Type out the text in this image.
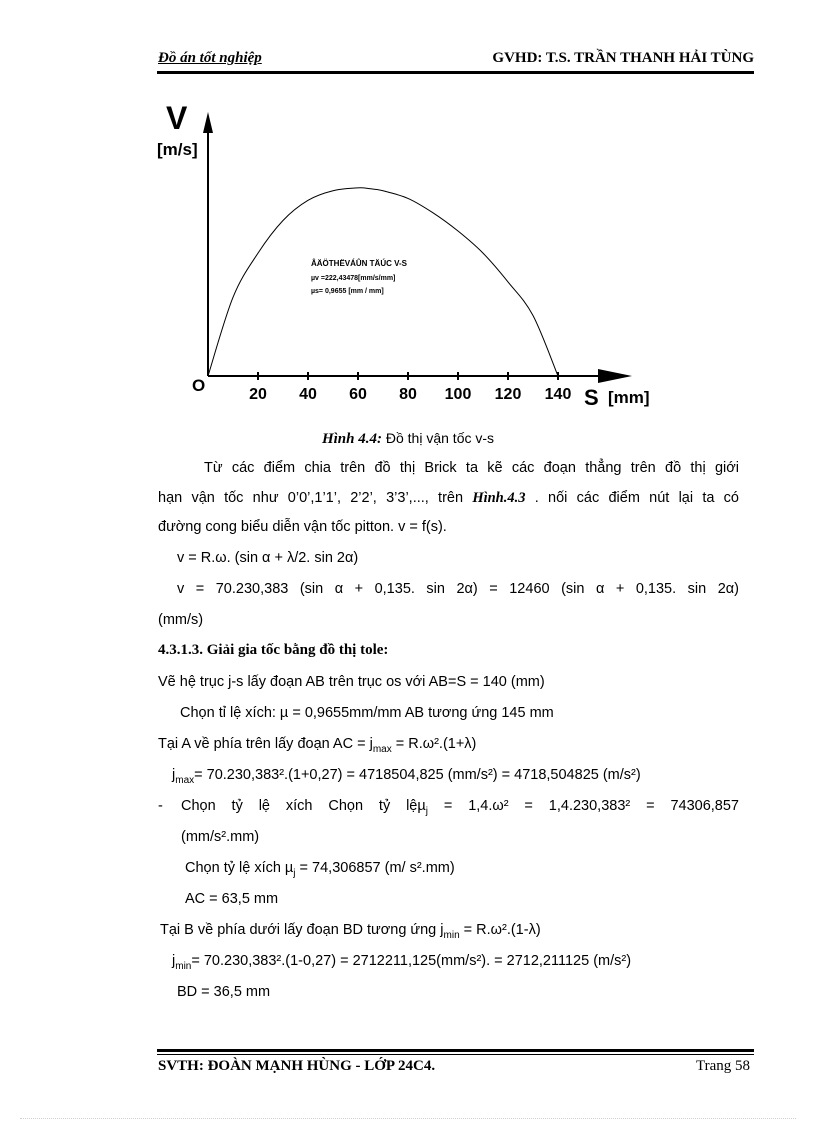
Đồ án tốt nghiệp	GVHD: T.S. TRẦN THANH HẢI TÙNG
20 40 60 80 100 120 140
V
[m/s]
O	S [mm]
ÂÄÖTHËVÁÛN TÄÚC V-S
µv =222,43478[mm/s/mm]
µs= 0,9655 [mm / mm]
Hình 4.4: Đồ thị vận tốc v-s
Từ các điểm chia trên đồ thị Brick ta kẽ các đoạn thẳng trên đồ thị giới
hạn vận tốc như 0’0’,1’1’, 2’2’, 3’3’,..., trên Hình.4.3 . nối các điểm nút lại ta có
đường cong biểu diễn vận tốc pitton. v = f(s).
v = R.ω. (sin α + λ/2. sin 2α)
v = 70.230,383 (sin α + 0,135. sin 2α) = 12460 (sin α + 0,135. sin 2α)
(mm/s)
4.3.1.3. Giải gia tốc bằng đồ thị tole:
Vẽ hệ trục j-s lấy đoạn AB trên trục os với AB=S = 140 (mm)
Chọn tỉ lệ xích: µ = 0,9655mm/mm AB tương ứng 145 mm
Tại A về phía trên lấy đoạn AC = $j_{max} = R.\omega^2.(1+\lambda)$
$j_{max}= 70.230,383^2.(1+0,27) = 4718504,825$ (mm/s²) = 4718,504825 (m/s²)
- Chọn tỷ lệ xích Chọn tỷ lệµ$_j$ = 1,4.ω² = 1,4.230,383² = 74306,857
(mm/s².mm)
Chọn tỷ lệ xích µ$_j$ = 74,306857 (m/ s².mm)
AC = 63,5 mm
Tại B về phía dưới lấy đoạn BD tương ứng $j_{min} = R.\omega^2.(1-\lambda)$
$j_{min}= 70.230,383^2.(1-0,27) = 2712211,125(mm/s^2)$. = 2712,211125 (m/s²)
BD = 36,5 mm
SVTH: ĐOÀN MẠNH HÙNG - LỚP 24C4.	Trang 58
